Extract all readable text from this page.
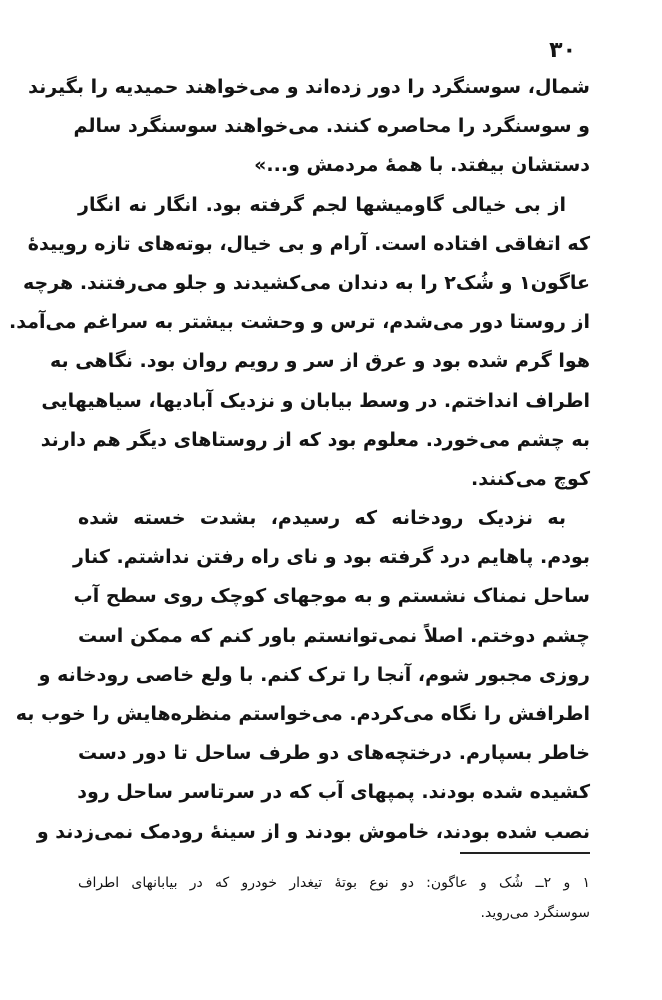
۳۰
شمال، سوسنگرد را دور زده‌اند و می‌خواهند حمیدیه را بگیرند
و سوسنگرد را محاصره کنند. می‌خواهند سوسنگرد سالم
دستشان بیفتد. با همهٔ مردمش و...»
از بی خیالی گاومیشها لجم گرفته بود. انگار نه انگار
که اتفاقی افتاده است. آرام و بی خیال، بوته‌های تازه روییدهٔ
عاگون۱ و شُک۲ را به دندان می‌کشیدند و جلو می‌رفتند. هرچه
از روستا دور می‌شدم، ترس و وحشت بیشتر به سراغم می‌آمد.
هوا گرم شده بود و عرق از سر و رویم روان بود. نگاهی به
اطراف انداختم. در وسط بیابان و نزدیک آبادیها، سیاهیهایی
به چشم می‌خورد. معلوم بود که از روستاهای دیگر هم دارند
کوچ می‌کنند.
به نزدیک رودخانه که رسیدم، بشدت خسته شده
بودم. پاهایم درد گرفته بود و نای راه رفتن نداشتم. کنار
ساحل نمناک نشستم و به موجهای کوچک روی سطح آب
چشم دوختم. اصلاً نمی‌توانستم باور کنم که ممکن است
روزی مجبور شوم، آنجا را ترک کنم. با ولع خاصی رودخانه و
اطرافش را نگاه می‌کردم. می‌خواستم منظره‌هایش را خوب به
خاطر بسپارم. درختچه‌های دو طرف ساحل تا دور دست
کشیده شده بودند. پمپهای آب که در سرتاسر ساحل رود
نصب شده بودند، خاموش بودند و از سینهٔ رودمک نمی‌زدند و
۱ و ۲ــ شُک و عاگون: دو نوع بوتهٔ تیغدار خودرو که در بیابانهای اطراف
سوسنگرد می‌روید.
